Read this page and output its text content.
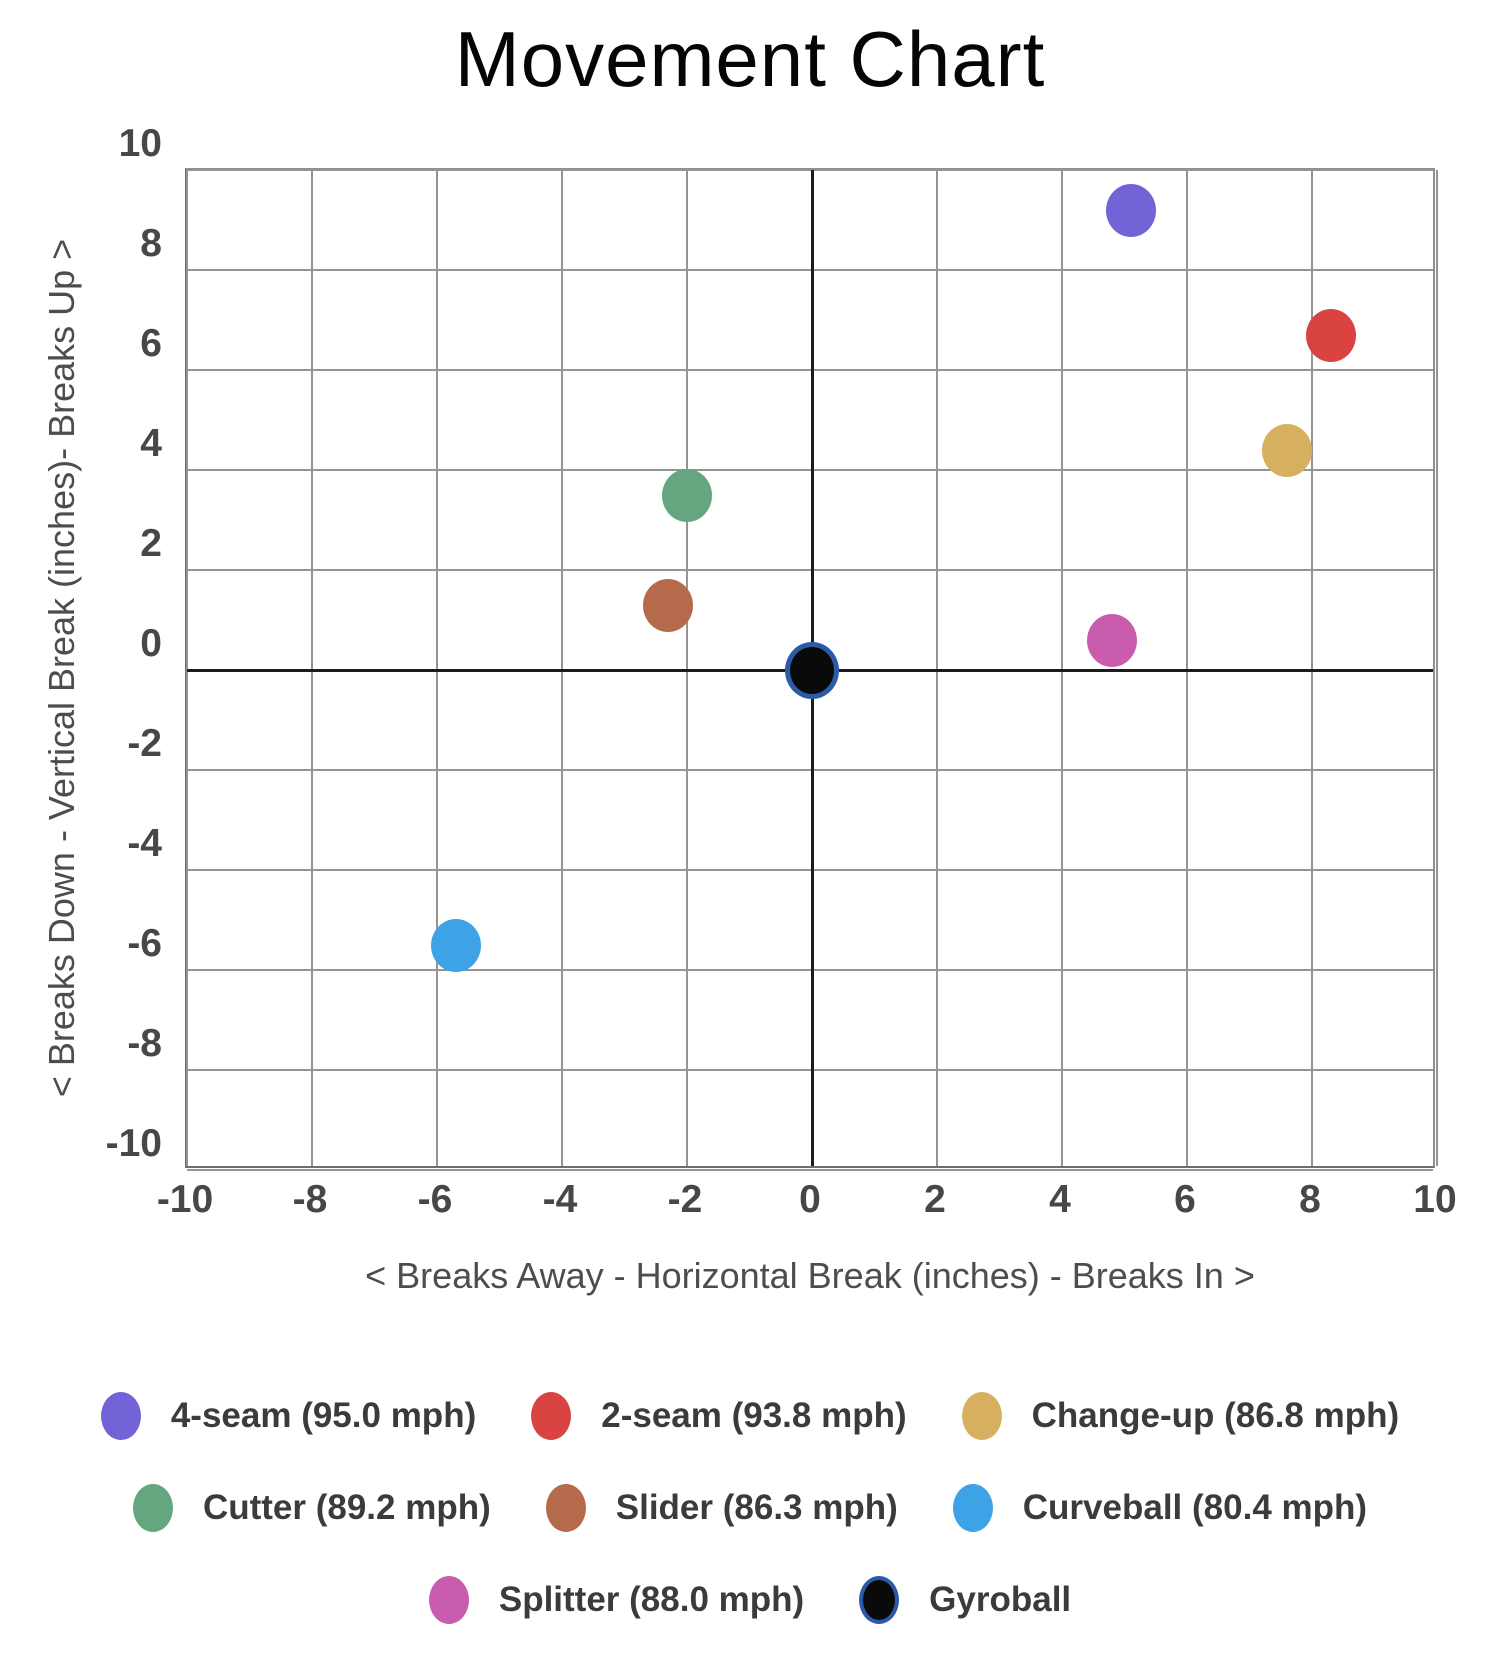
Movement Chart
< Breaks Down - Vertical Break (inches)- Breaks Up >
10
8
6
4
2
0
-2
-4
-6
-8
-10
-10	-8	-6	-4	-2	0	2	4	6	8	10
< Breaks Away - Horizontal Break (inches) - Breaks In >
4-seam (95.0 mph)	2-seam (93.8 mph)	Change-up (86.8 mph)
Cutter (89.2 mph)	Slider (86.3 mph)	Curveball (80.4 mph)
Splitter (88.0 mph)	Gyroball
